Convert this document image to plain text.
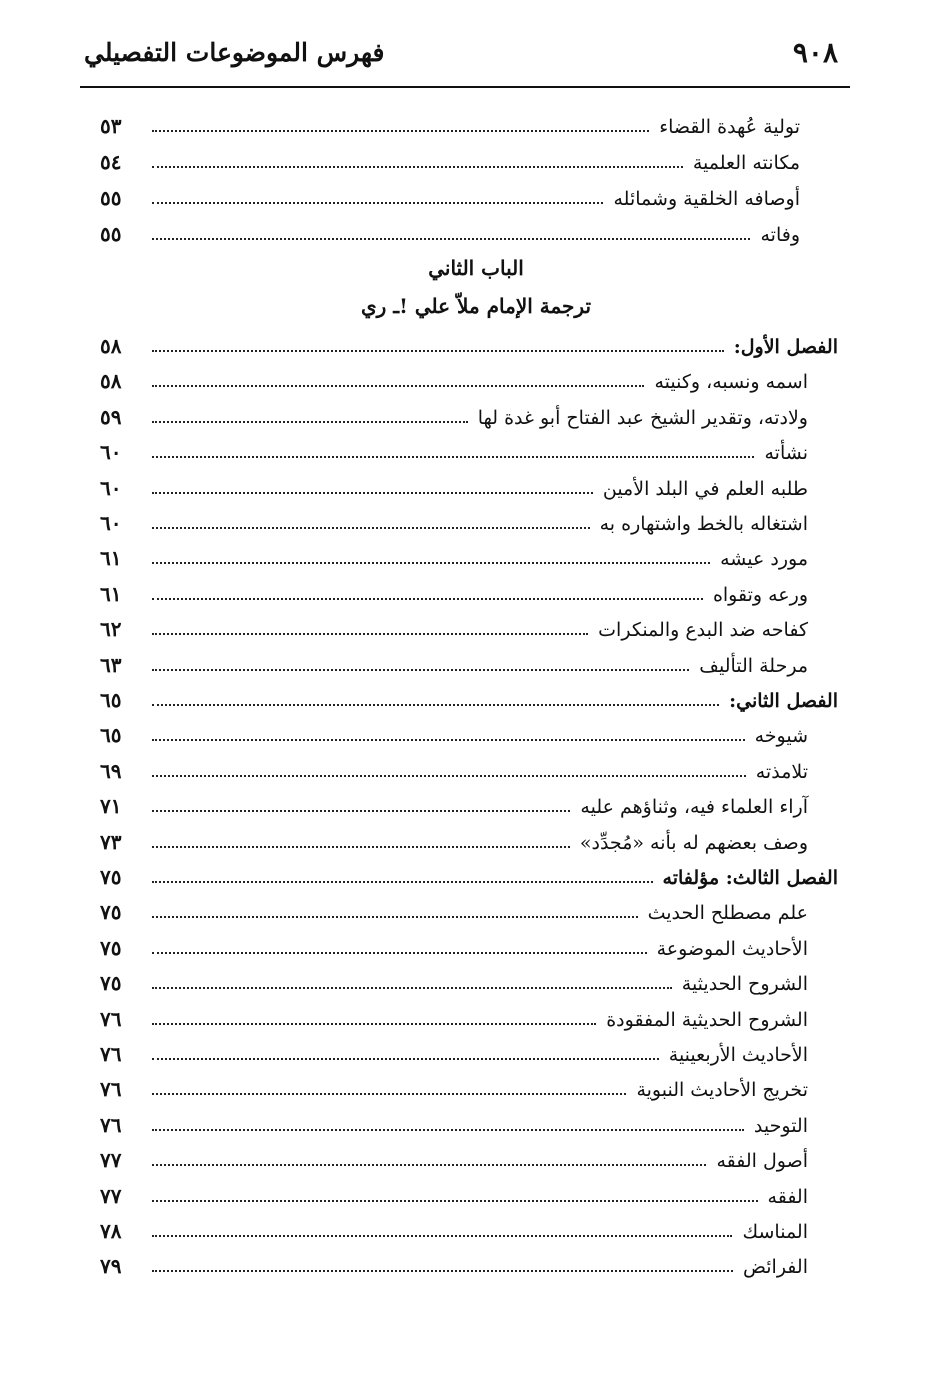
٩٠٨
فهرس الموضوعات التفصيلي
تولية عُهدة القضاء
٥٣
مكانته العلمية
٥٤
أوصافه الخلقية وشمائله
٥٥
وفاته
٥٥
الباب الثاني
ترجمة الإمام ملاّ علي !ـ ري
الفصل الأول:
٥٨
اسمه ونسبه، وكنيته
٥٨
ولادته، وتقدير الشيخ عبد الفتاح أبو غدة لها
٥٩
نشأته
٦٠
طلبه العلم في البلد الأمين
٦٠
اشتغاله بالخط واشتهاره به
٦٠
مورد عيشه
٦١
ورعه وتقواه
٦١
كفاحه ضد البدع والمنكرات
٦٢
مرحلة التأليف
٦٣
الفصل الثاني:
٦٥
شيوخه
٦٥
تلامذته
٦٩
آراء العلماء فيه، وثناؤهم عليه
٧١
وصف بعضهم له بأنه «مُجدِّد»
٧٣
الفصل الثالث: مؤلفاته
٧٥
علم مصطلح الحديث
٧٥
الأحاديث الموضوعة
٧٥
الشروح الحديثية
٧٥
الشروح الحديثية المفقودة
٧٦
الأحاديث الأربعينية
٧٦
تخريج الأحاديث النبوية
٧٦
التوحيد
٧٦
أصول الفقه
٧٧
الفقه
٧٧
المناسك
٧٨
الفرائض
٧٩
